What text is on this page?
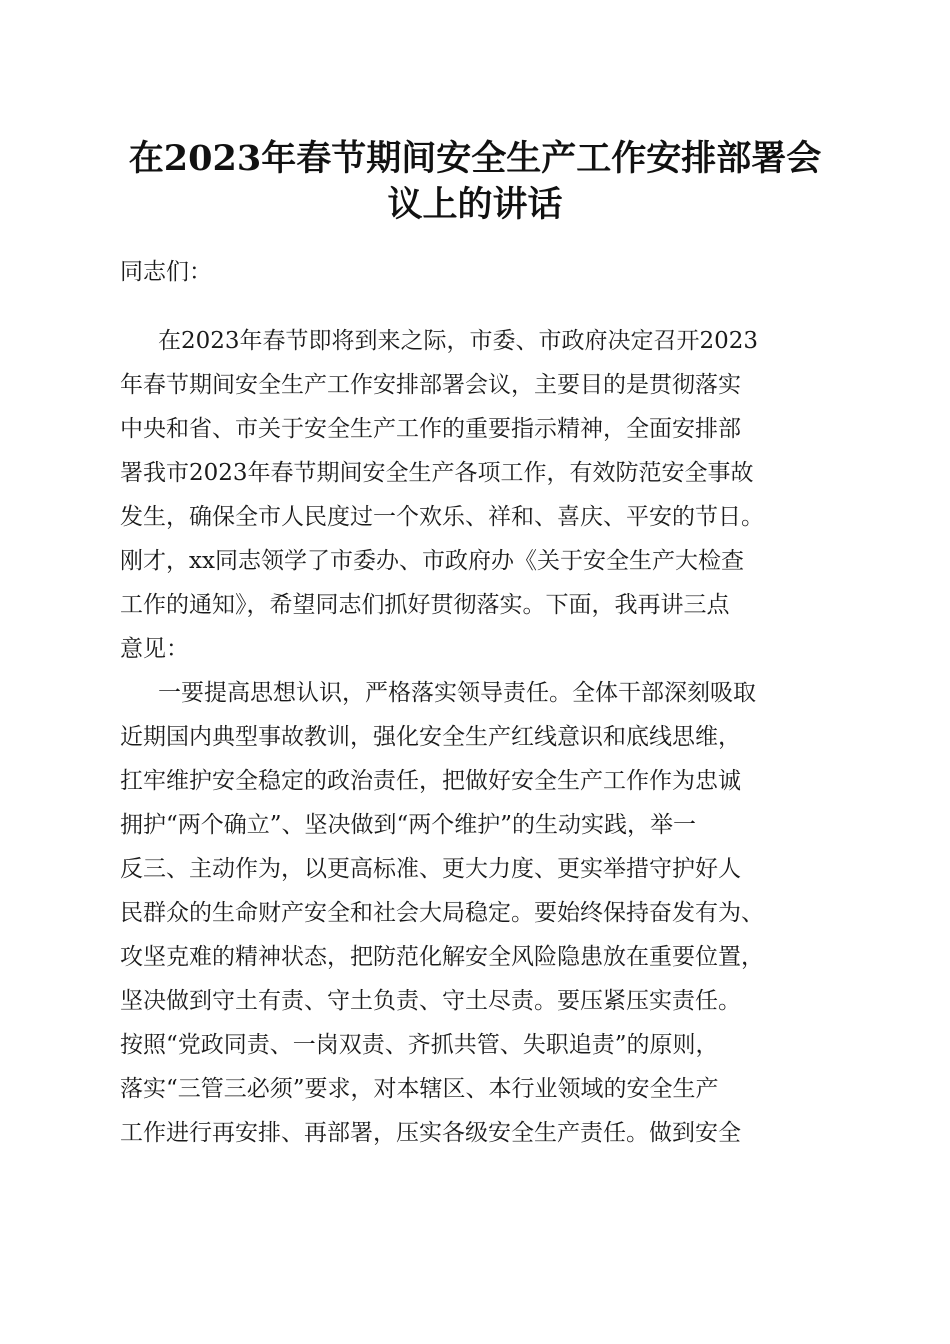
在2023年春节期间安全生产工作安排部署会
议上的讲话
同志们：
在2023年春节即将到来之际，市委、市政府决定召开2023
年春节期间安全生产工作安排部署会议，主要目的是贯彻落实
中央和省、市关于安全生产工作的重要指示精神，全面安排部
署我市2023年春节期间安全生产各项工作，有效防范安全事故
发生，确保全市人民度过一个欢乐、祥和、喜庆、平安的节日。
刚才，xx同志领学了市委办、市政府办《关于安全生产大检查
工作的通知》，希望同志们抓好贯彻落实。下面，我再讲三点
意见：
一要提高思想认识，严格落实领导责任。全体干部深刻吸取
近期国内典型事故教训，强化安全生产红线意识和底线思维，
扛牢维护安全稳定的政治责任，把做好安全生产工作作为忠诚
拥护“两个确立”、坚决做到“两个维护”的生动实践，举一
反三、主动作为，以更高标准、更大力度、更实举措守护好人
民群众的生命财产安全和社会大局稳定。要始终保持奋发有为、
攻坚克难的精神状态，把防范化解安全风险隐患放在重要位置，
坚决做到守土有责、守土负责、守土尽责。要压紧压实责任。
按照“党政同责、一岗双责、齐抓共管、失职追责”的原则，
落实“三管三必须”要求，对本辖区、本行业领域的安全生产
工作进行再安排、再部署，压实各级安全生产责任。做到安全
